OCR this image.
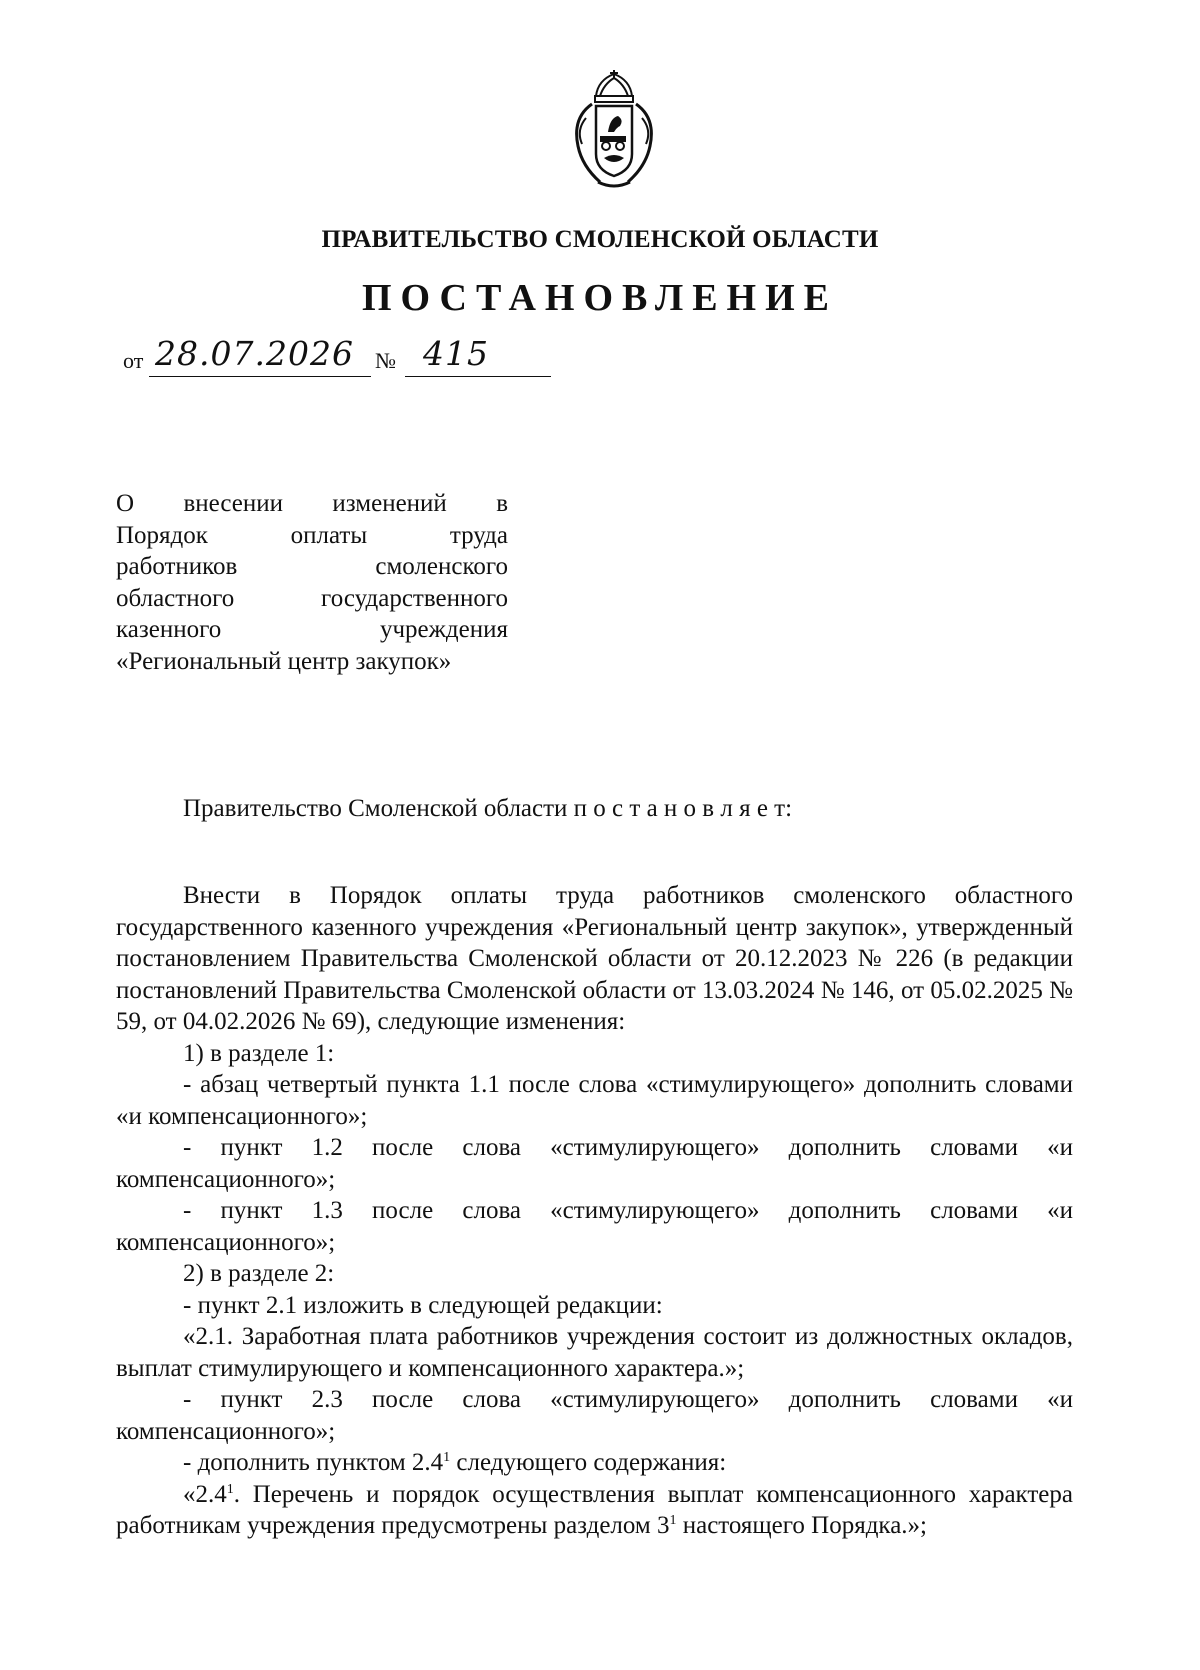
ПРАВИТЕЛЬСТВО СМОЛЕНСКОЙ ОБЛАСТИ
ПОСТАНОВЛЕНИЕ
от 28.07.2026 № 415
О внесении изменений в
Порядок оплаты труда
работников смоленского
областного государственного
казенного учреждения
«Региональный центр закупок»
Правительство Смоленской области п о с т а н о в л я е т:

Внести в Порядок оплаты труда работников смоленского областного государственного казенного учреждения «Региональный центр закупок», утвержденный постановлением Правительства Смоленской области от 20.12.2023 № 226 (в редакции постановлений Правительства Смоленской области от 13.03.2024 № 146, от 05.02.2025 № 59, от 04.02.2026 № 69), следующие изменения:

1) в разделе 1:

- абзац четвертый пункта 1.1 после слова «стимулирующего» дополнить словами «и компенсационного»;

- пункт 1.2 после слова «стимулирующего» дополнить словами «и компенсационного»;

- пункт 1.3 после слова «стимулирующего» дополнить словами «и компенсационного»;

2) в разделе 2:

- пункт 2.1 изложить в следующей редакции:

«2.1. Заработная плата работников учреждения состоит из должностных окладов, выплат стимулирующего и компенсационного характера.»;

- пункт 2.3 после слова «стимулирующего» дополнить словами «и компенсационного»;

- дополнить пунктом $2.4^1$ следующего содержания:

«$2.4^1$. Перечень и порядок осуществления выплат компенсационного характера работникам учреждения предусмотрены разделом $3^1$ настоящего Порядка.»;
